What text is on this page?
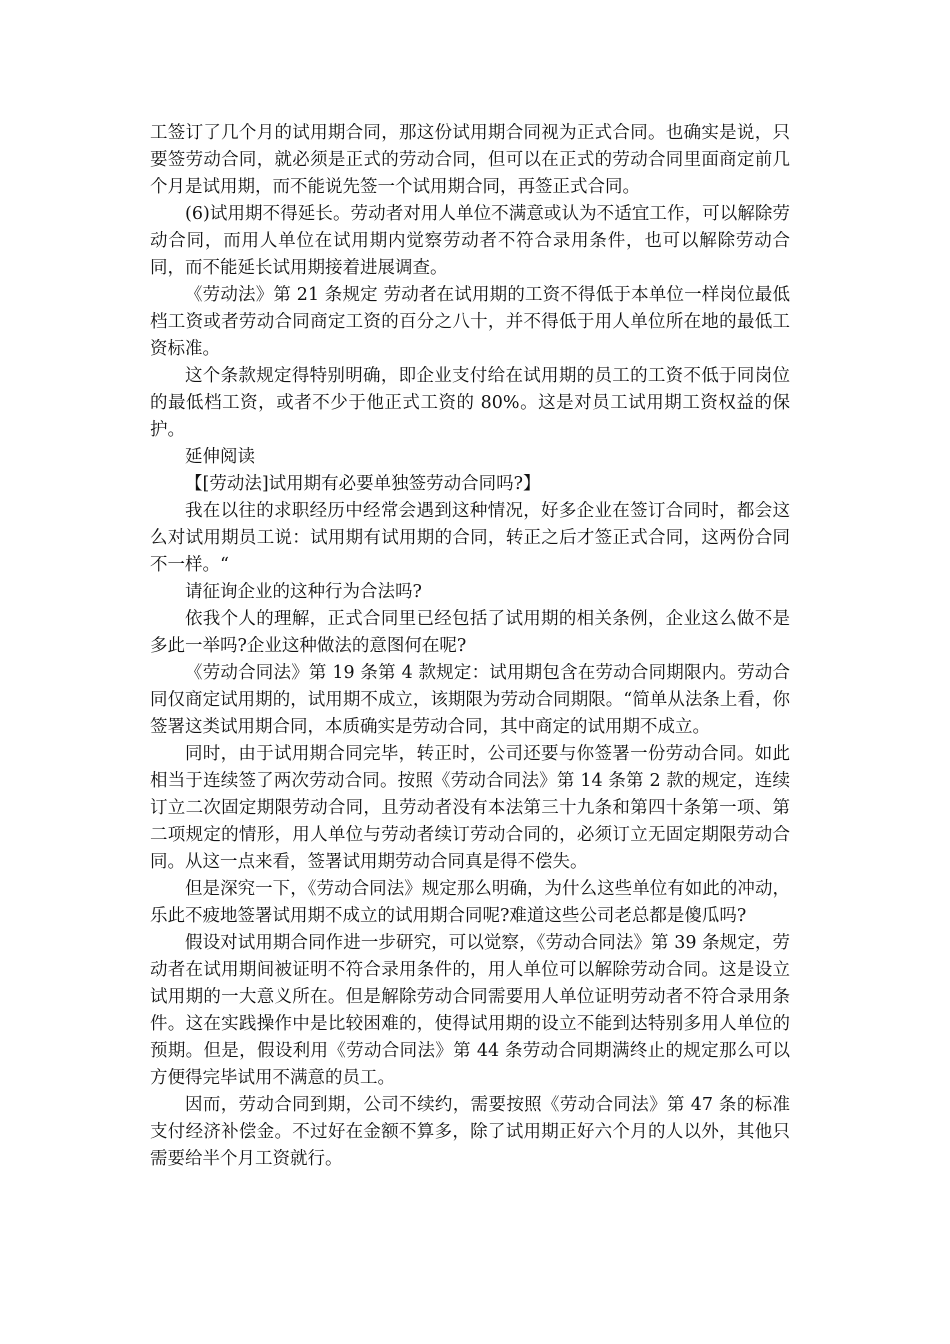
工签订了几个月的试用期合同，那这份试用期合同视为正式合同。也确实是说，只要签劳动合同，就必须是正式的劳动合同，但可以在正式的劳动合同里面商定前几个月是试用期，而不能说先签一个试用期合同，再签正式合同。

(6)试用期不得延长。劳动者对用人单位不满意或认为不适宜工作，可以解除劳动合同，而用人单位在试用期内觉察劳动者不符合录用条件，也可以解除劳动合同，而不能延长试用期接着进展调查。

《劳动法》第 21 条规定 劳动者在试用期的工资不得低于本单位一样岗位最低档工资或者劳动合同商定工资的百分之八十，并不得低于用人单位所在地的最低工资标准。

这个条款规定得特别明确，即企业支付给在试用期的员工的工资不低于同岗位的最低档工资，或者不少于他正式工资的 80%。这是对员工试用期工资权益的保护。

延伸阅读

【[劳动法]试用期有必要单独签劳动合同吗?】

我在以往的求职经历中经常会遇到这种情况，好多企业在签订合同时，都会这么对试用期员工说：试用期有试用期的合同，转正之后才签正式合同，这两份合同不一样。“

请征询企业的这种行为合法吗?

依我个人的理解，正式合同里已经包括了试用期的相关条例，企业这么做不是多此一举吗?企业这种做法的意图何在呢?

《劳动合同法》第 19 条第 4 款规定：试用期包含在劳动合同期限内。劳动合同仅商定试用期的，试用期不成立，该期限为劳动合同期限。“简单从法条上看，你签署这类试用期合同，本质确实是劳动合同，其中商定的试用期不成立。

同时，由于试用期合同完毕，转正时，公司还要与你签署一份劳动合同。如此相当于连续签了两次劳动合同。按照《劳动合同法》第 14 条第 2 款的规定，连续订立二次固定期限劳动合同，且劳动者没有本法第三十九条和第四十条第一项、第二项规定的情形，用人单位与劳动者续订劳动合同的，必须订立无固定期限劳动合同。从这一点来看，签署试用期劳动合同真是得不偿失。

但是深究一下，《劳动合同法》规定那么明确，为什么这些单位有如此的冲动，乐此不疲地签署试用期不成立的试用期合同呢?难道这些公司老总都是傻瓜吗?

假设对试用期合同作进一步研究，可以觉察，《劳动合同法》第 39 条规定，劳动者在试用期间被证明不符合录用条件的，用人单位可以解除劳动合同。这是设立试用期的一大意义所在。但是解除劳动合同需要用人单位证明劳动者不符合录用条件。这在实践操作中是比较困难的，使得试用期的设立不能到达特别多用人单位的预期。但是，假设利用《劳动合同法》第 44 条劳动合同期满终止的规定那么可以方便得完毕试用不满意的员工。

因而，劳动合同到期，公司不续约，需要按照《劳动合同法》第 47 条的标准支付经济补偿金。不过好在金额不算多，除了试用期正好六个月的人以外，其他只需要给半个月工资就行。
